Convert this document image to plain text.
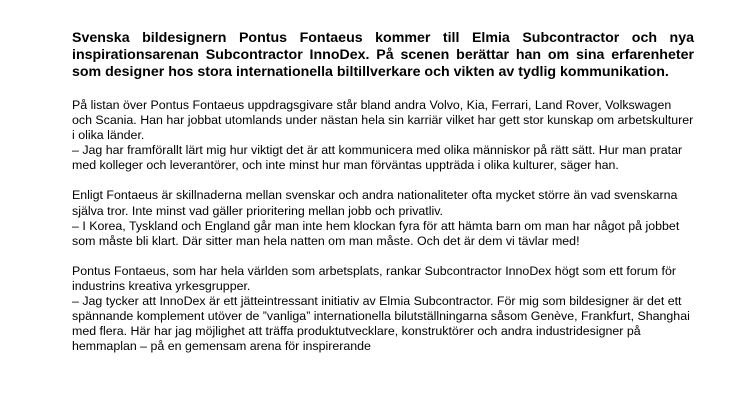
Svenska bildesignern Pontus Fontaeus kommer till Elmia Subcontractor och nya inspirationsarenan Subcontractor InnoDex. På scenen berättar han om sina erfarenheter som designer hos stora internationella biltillverkare och vikten av tydlig kommunikation.

På listan över Pontus Fontaeus uppdragsgivare står bland andra Volvo, Kia, Ferrari, Land Rover, Volkswagen och Scania. Han har jobbat utomlands under nästan hela sin karriär vilket har gett stor kunskap om arbetskulturer i olika länder.

– Jag har framförallt lärt mig hur viktigt det är att kommunicera med olika människor på rätt sätt. Hur man pratar med kolleger och leverantörer, och inte minst hur man förväntas uppträda i olika kulturer, säger han.

Enligt Fontaeus är skillnaderna mellan svenskar och andra nationaliteter ofta mycket större än vad svenskarna själva tror. Inte minst vad gäller prioritering mellan jobb och privatliv.

– I Korea, Tyskland och England går man inte hem klockan fyra för att hämta barn om man har något på jobbet som måste bli klart. Där sitter man hela natten om man måste. Och det är dem vi tävlar med!

Pontus Fontaeus, som har hela världen som arbetsplats, rankar Subcontractor InnoDex högt som ett forum för industrins kreativa yrkesgrupper.

– Jag tycker att InnoDex är ett jätteintressant initiativ av Elmia Subcontractor. För mig som bildesigner är det ett spännande komplement utöver de ”vanliga” internationella bilutställningarna såsom Genève, Frankfurt, Shanghai med flera. Här har jag möjlighet att träffa produktutvecklare, konstruktörer och andra industridesigner på hemmaplan – på en gemensam arena för inspirerande
